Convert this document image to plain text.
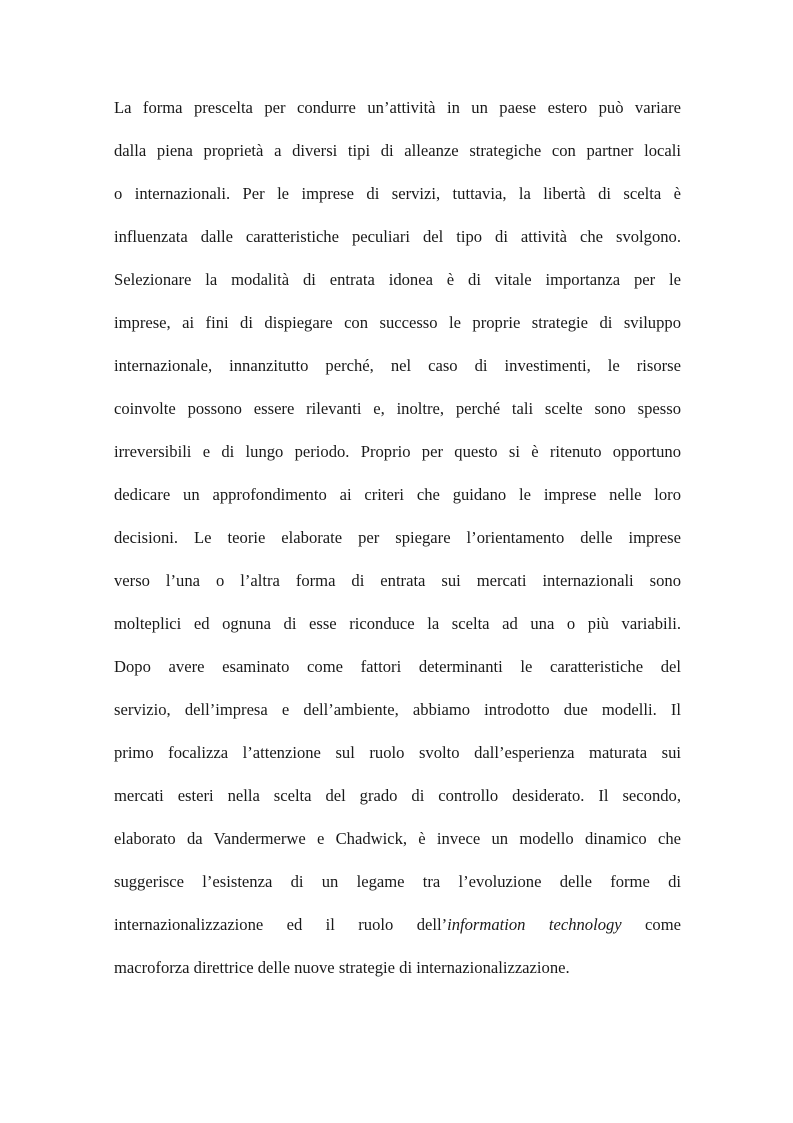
La forma prescelta per condurre un’attività in un paese estero può variare
dalla piena proprietà a diversi tipi di alleanze strategiche con partner locali
o internazionali. Per le imprese di servizi, tuttavia, la libertà di scelta è
influenzata dalle caratteristiche peculiari del tipo di attività che svolgono.
Selezionare la modalità di entrata idonea è di vitale importanza per le
imprese, ai fini di dispiegare con successo le proprie strategie di sviluppo
internazionale, innanzitutto perché, nel caso di investimenti, le risorse
coinvolte possono essere rilevanti e, inoltre, perché tali scelte sono spesso
irreversibili e di lungo periodo. Proprio per questo si è ritenuto opportuno
dedicare un approfondimento ai criteri che guidano le imprese nelle loro
decisioni. Le teorie elaborate per spiegare l’orientamento delle imprese
verso l’una o l’altra forma di entrata sui mercati internazionali sono
molteplici ed ognuna di esse riconduce la scelta ad una o più variabili.
Dopo avere esaminato come fattori determinanti le caratteristiche del
servizio, dell’impresa e dell’ambiente, abbiamo introdotto due modelli. Il
primo focalizza l’attenzione sul ruolo svolto dall’esperienza maturata sui
mercati esteri nella scelta del grado di controllo desiderato. Il secondo,
elaborato da Vandermerwe e Chadwick, è invece un modello dinamico che
suggerisce l’esistenza di un legame tra l’evoluzione delle forme di
internazionalizzazione ed il ruolo dell’information technology come
macroforza direttrice delle nuove strategie di internazionalizzazione.
